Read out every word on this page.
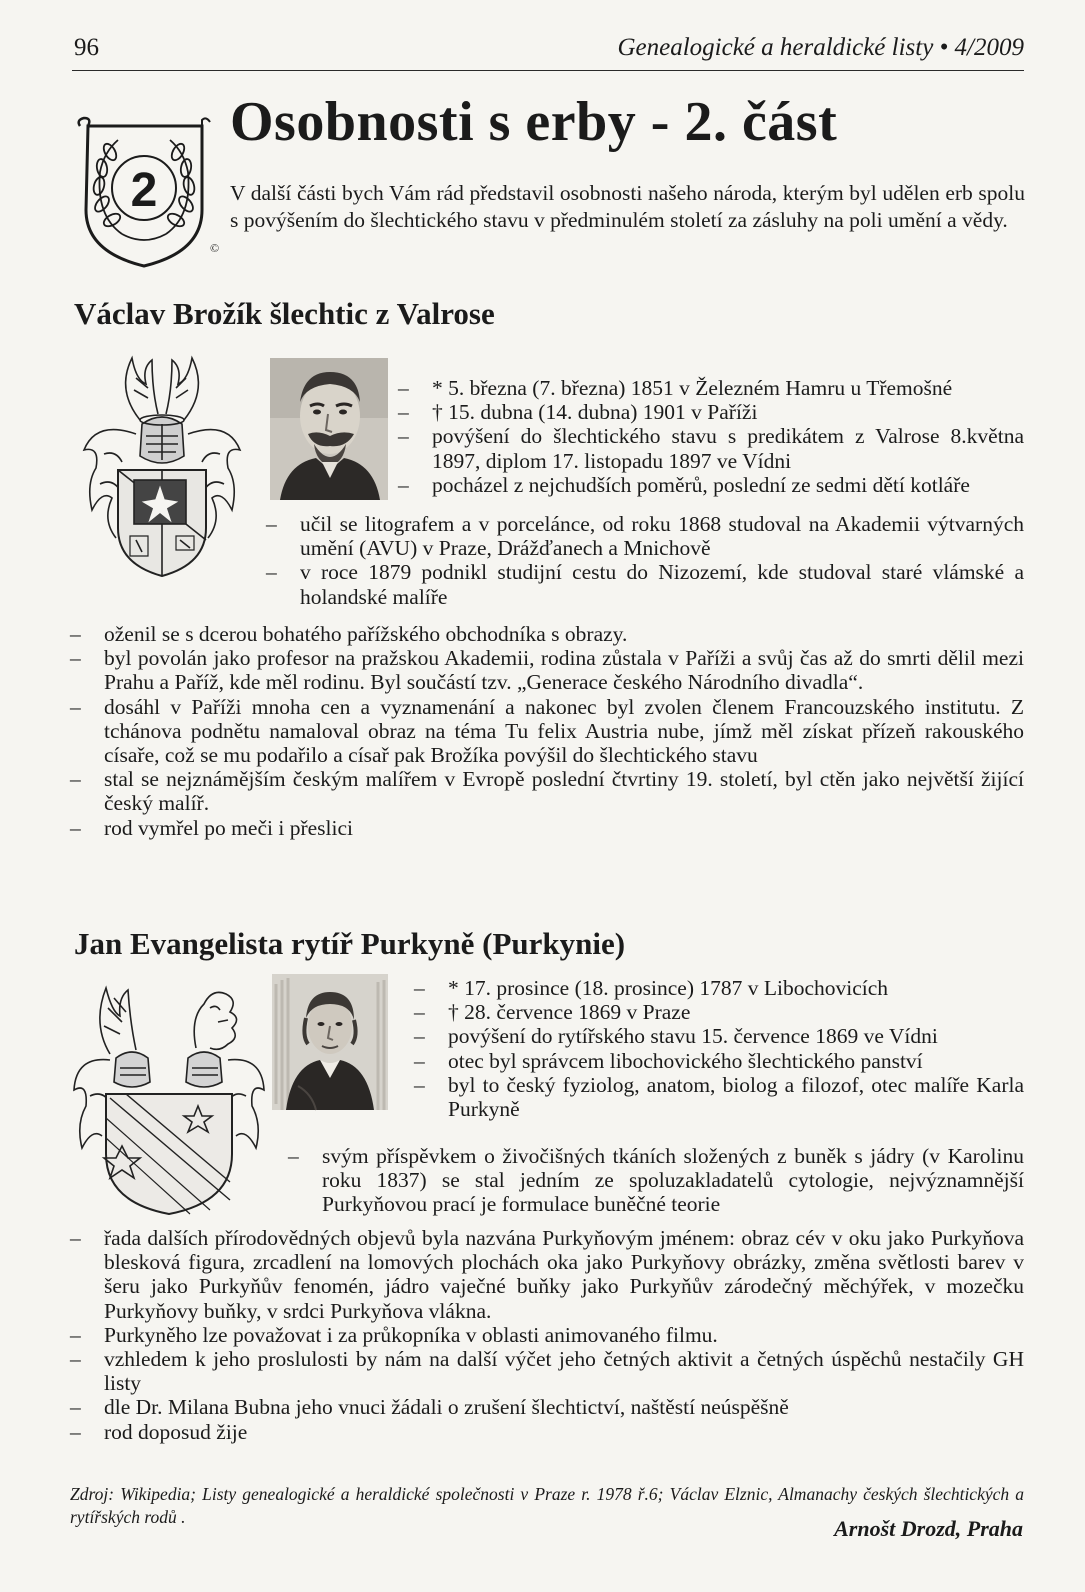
96	Genealogické a heraldické listy • 4/2009
2
©
Osobnosti s erby - 2. část

V další části bych Vám rád představil osobnosti našeho národa, kterým byl udělen erb spolu s povýšením do šlechtického stavu v předminulém století za zásluhy na poli umění a vědy.

Václav Brožík šlechtic z Valrose
– * 5. března (7. března) 1851 v Železném Hamru u Třemošné
– † 15. dubna (14. dubna) 1901 v Paříži
– povýšení do šlechtického stavu s predikátem z Valrose 8.května 1897, diplom 17. listopadu 1897 ve Vídni
– pocházel z nejchudších poměrů, poslední ze sedmi dětí kotláře
– učil se litografem a v porcelánce, od roku 1868 studoval na Akademii výtvarných umění (AVU) v Praze, Drážďanech a Mnichově
– v roce 1879 podnikl studijní cestu do Nizozemí, kde studoval staré vlámské a holandské malíře
– oženil se s dcerou bohatého pařížského obchodníka s obrazy.
– byl povolán jako profesor na pražskou Akademii, rodina zůstala v Paříži a svůj čas až do smrti dělil mezi Prahu a Paříž, kde měl rodinu. Byl součástí tzv. „Generace českého Národního divadla“.
– dosáhl v Paříži mnoha cen a vyznamenání a nakonec byl zvolen členem Francouzského institutu. Z tchánova podnětu namaloval obraz na téma Tu felix Austria nube, jímž měl získat přízeň rakouského císaře, což se mu podařilo a císař pak Brožíka povýšil do šlechtického stavu
– stal se nejznámějším českým malířem v Evropě poslední čtvrtiny 19. století, byl ctěn jako největší žijící český malíř.
– rod vymřel po meči i přeslici
Jan Evangelista rytíř Purkyně (Purkynie)
– * 17. prosince (18. prosince) 1787 v Libochovicích
– † 28. července 1869 v Praze
– povýšení do rytířského stavu 15. července 1869 ve Vídni
– otec byl správcem libochovického šlechtického panství
– byl to český fyziolog, anatom, biolog a filozof, otec malíře Karla Purkyně
– svým příspěvkem o živočišných tkáních složených z buněk s jádry (v Karolinu roku 1837) se stal jedním ze spoluzakladatelů cytologie, nejvýznamnější Purkyňovou prací je formulace buněčné teorie
– řada dalších přírodovědných objevů byla nazvána Purkyňovým jménem: obraz cév v oku jako Purkyňova blesková figura, zrcadlení na lomových plochách oka jako Purkyňovy obrázky, změna světlosti barev v šeru jako Purkyňův fenomén, jádro vaječné buňky jako Purkyňův zárodečný měchýřek, v mozečku Purkyňovy buňky, v srdci Purkyňova vlákna.
– Purkyněho lze považovat i za průkopníka v oblasti animovaného filmu.
– vzhledem k jeho proslulosti by nám na další výčet jeho četných aktivit a četných úspěchů nestačily GH listy
– dle Dr. Milana Bubna jeho vnuci žádali o zrušení šlechtictví, naštěstí neúspěšně
– rod doposud žije

Zdroj: Wikipedia; Listy genealogické a heraldické společnosti v Praze r. 1978 ř.6; Václav Elznic, Almanachy českých šlechtických a rytířských rodů .	Arnošt Drozd, Praha
